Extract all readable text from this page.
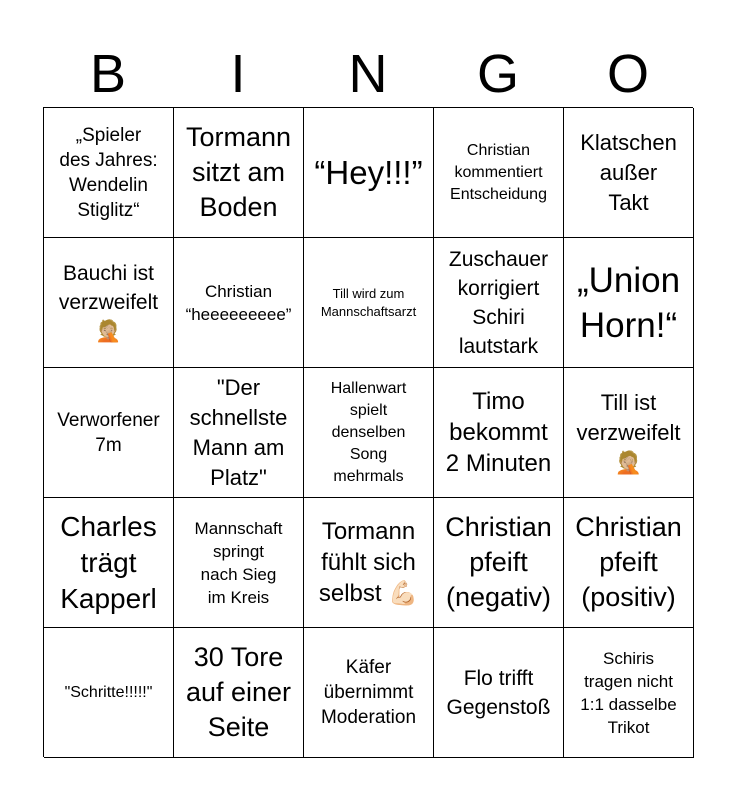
B	I	N	G	O
„Spieler
des Jahres:
Wendelin
Stiglitz“
Tormann
sitzt am
Boden
“Hey!!!”
Christian
kommentiert
Entscheidung
Klatschen
außer
Takt
Bauchi ist
verzweifelt
🤦🏼
Christian
“heeeeeeeee”
Till wird zum
Mannschaftsarzt
Zuschauer
korrigiert
Schiri
lautstark
„Union
Horn!“
Verworfener
7m
"Der
schnellste
Mann am
Platz"
Hallenwart
spielt
denselben
Song
mehrmals
Timo
bekommt
2 Minuten
Till ist
verzweifelt
🤦🏼
Charles
trägt
Kapperl
Mannschaft
springt
nach Sieg
im Kreis
Tormann
fühlt sich
selbst 💪🏻
Christian
pfeift
(negativ)
Christian
pfeift
(positiv)
"Schritte!!!!!"
30 Tore
auf einer
Seite
Käfer
übernimmt
Moderation
Flo trifft
Gegenstoß
Schiris
tragen nicht
1:1 dasselbe
Trikot
